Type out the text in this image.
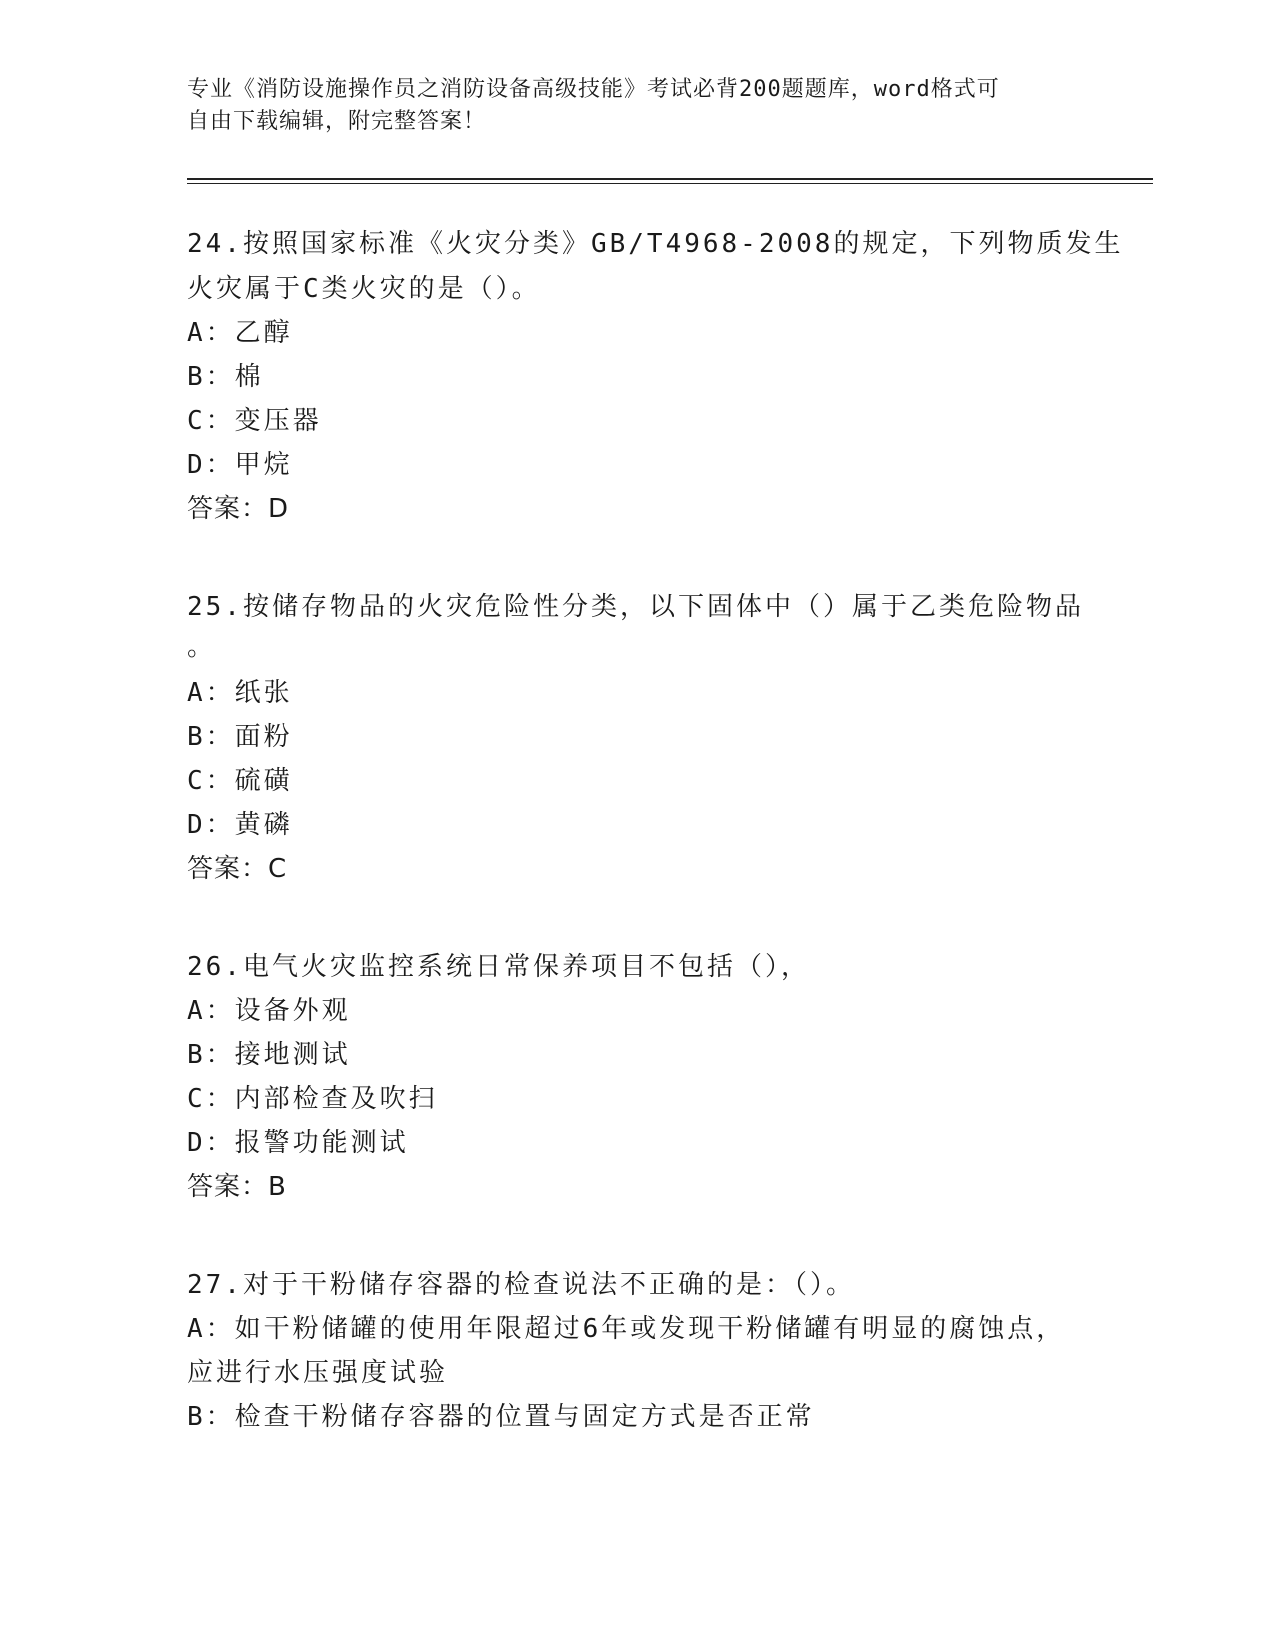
专业《消防设施操作员之消防设备高级技能》考试必背200题题库，word格式可
自由下载编辑，附完整答案！
24.按照国家标准《火灾分类》GB/T4968-2008的规定，下列物质发生
火灾属于C类火灾的是（）。
A：乙醇
B：棉
C：变压器
D：甲烷
答案：D
25.按储存物品的火灾危险性分类，以下固体中（）属于乙类危险物品
。
A：纸张
B：面粉
C：硫磺
D：黄磷
答案：C
26.电气火灾监控系统日常保养项目不包括（），
A：设备外观
B：接地测试
C：内部检查及吹扫
D：报警功能测试
答案：B
27.对于干粉储存容器的检查说法不正确的是：（）。
A：如干粉储罐的使用年限超过6年或发现干粉储罐有明显的腐蚀点，
应进行水压强度试验
B：检查干粉储存容器的位置与固定方式是否正常
